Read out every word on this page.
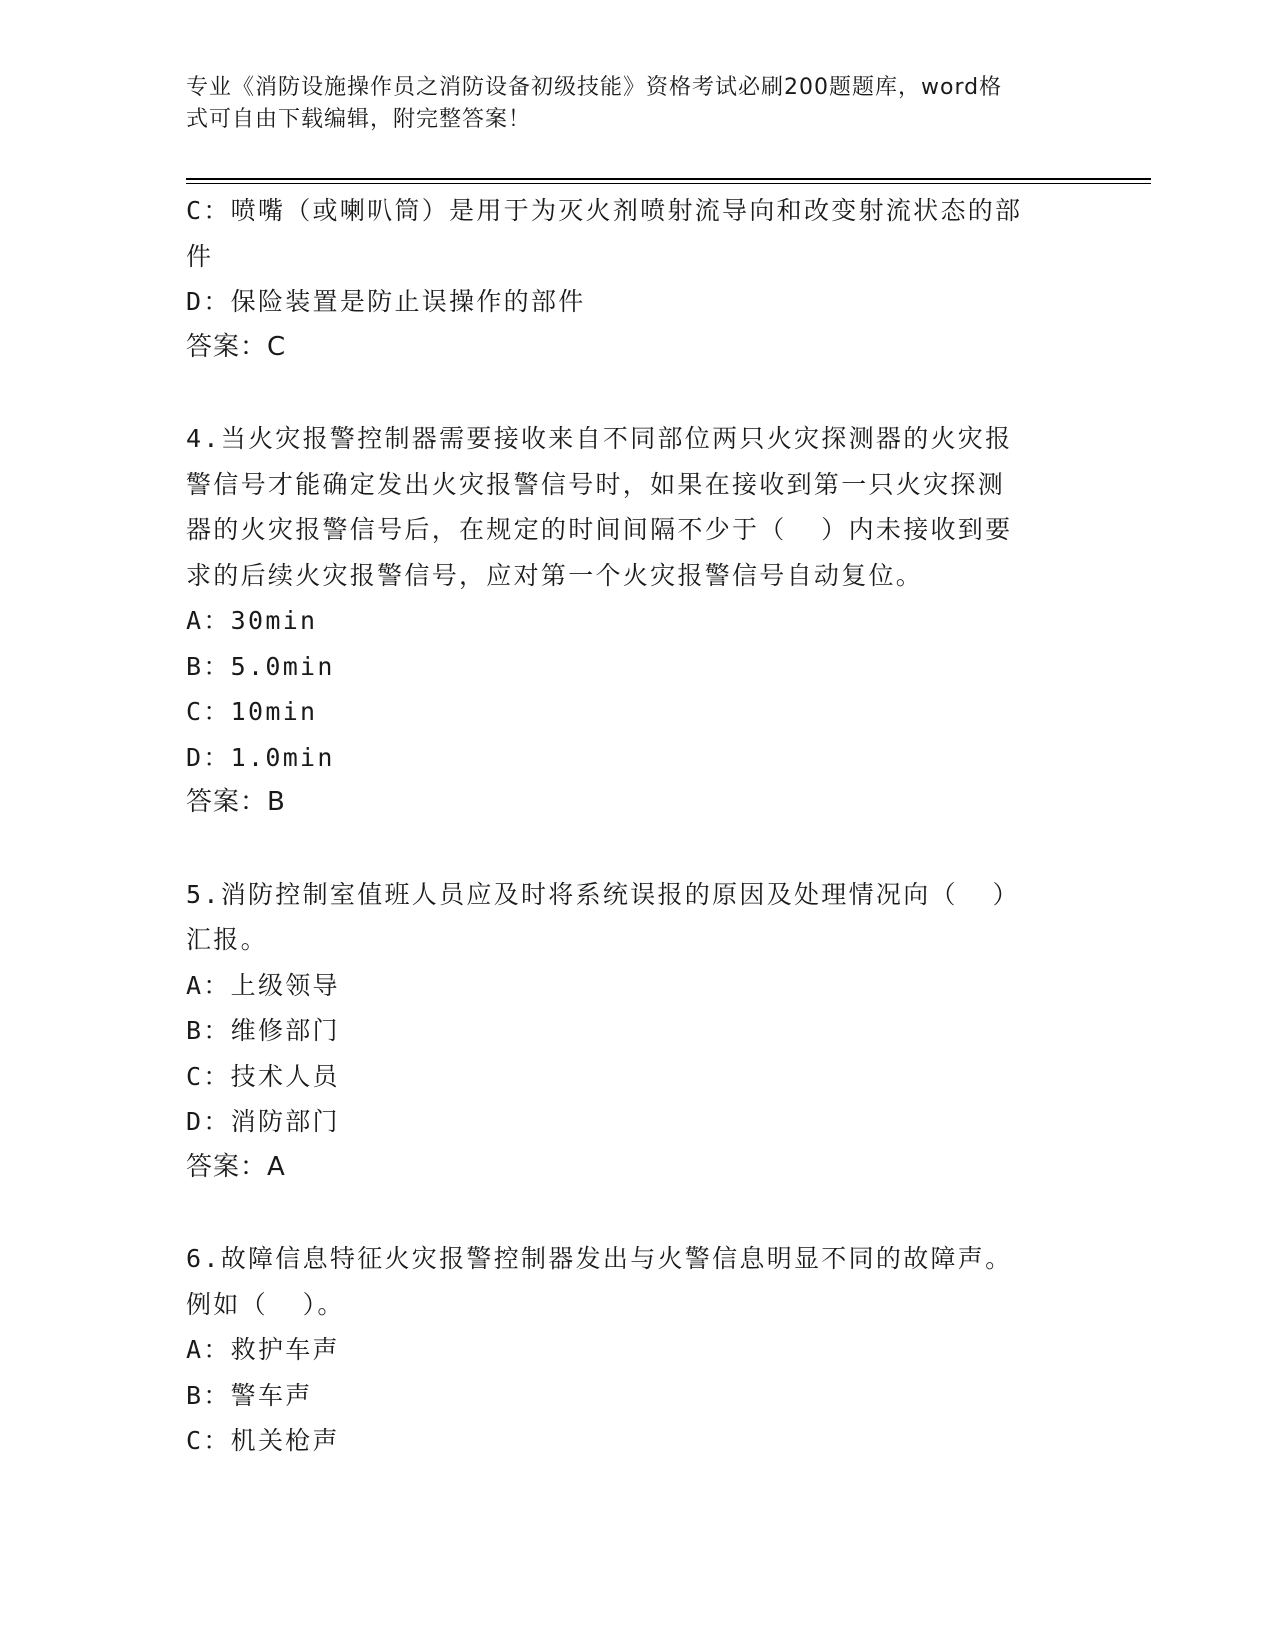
专业《消防设施操作员之消防设备初级技能》资格考试必刷200题题库，word格
式可自由下载编辑，附完整答案！

C：喷嘴（或喇叭筒）是用于为灭火剂喷射流导向和改变射流状态的部

件

D：保险装置是防止误操作的部件

答案：C

4.当火灾报警控制器需要接收来自不同部位两只火灾探测器的火灾报

警信号才能确定发出火灾报警信号时，如果在接收到第一只火灾探测

器的火灾报警信号后，在规定的时间间隔不少于（  ）内未接收到要

求的后续火灾报警信号，应对第一个火灾报警信号自动复位。

A：30min

B：5.0min

C：10min

D：1.0min

答案：B

5.消防控制室值班人员应及时将系统误报的原因及处理情况向（  ）

汇报。

A：上级领导

B：维修部门

C：技术人员

D：消防部门

答案：A

6.故障信息特征火灾报警控制器发出与火警信息明显不同的故障声。

例如（  ）。

A：救护车声

B：警车声

C：机关枪声
